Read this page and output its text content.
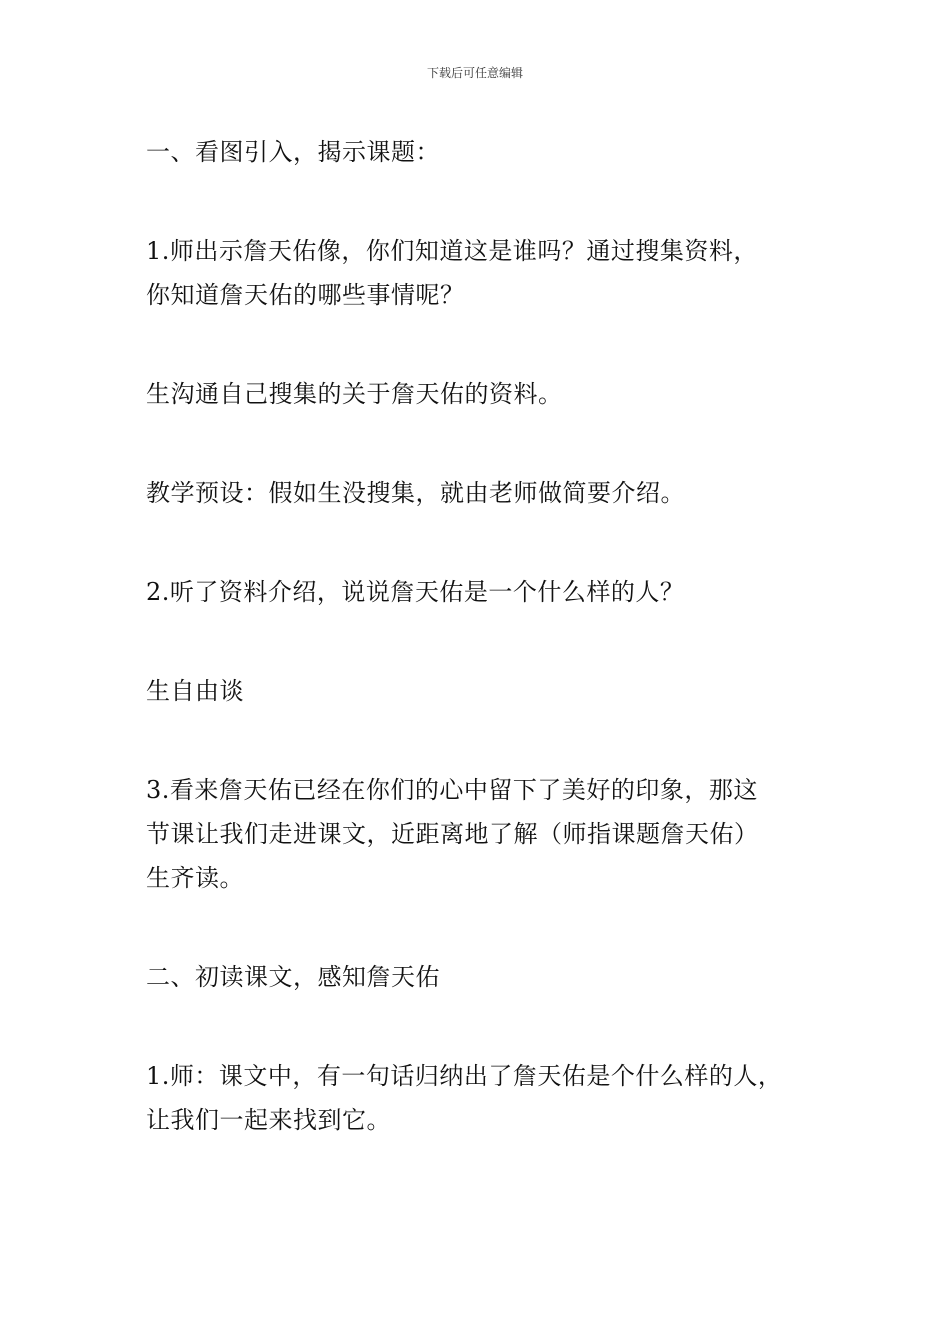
下载后可任意编辑

一、看图引入，揭示课题：

1.师出示詹天佑像，你们知道这是谁吗？通过搜集资料，
你知道詹天佑的哪些事情呢？

生沟通自己搜集的关于詹天佑的资料。

教学预设：假如生没搜集，就由老师做简要介绍。

2.听了资料介绍，说说詹天佑是一个什么样的人？

生自由谈

3.看来詹天佑已经在你们的心中留下了美好的印象，那这
节课让我们走进课文，近距离地了解（师指课题詹天佑）
生齐读。

二、初读课文，感知詹天佑

1.师：课文中，有一句话归纳出了詹天佑是个什么样的人，
让我们一起来找到它。
